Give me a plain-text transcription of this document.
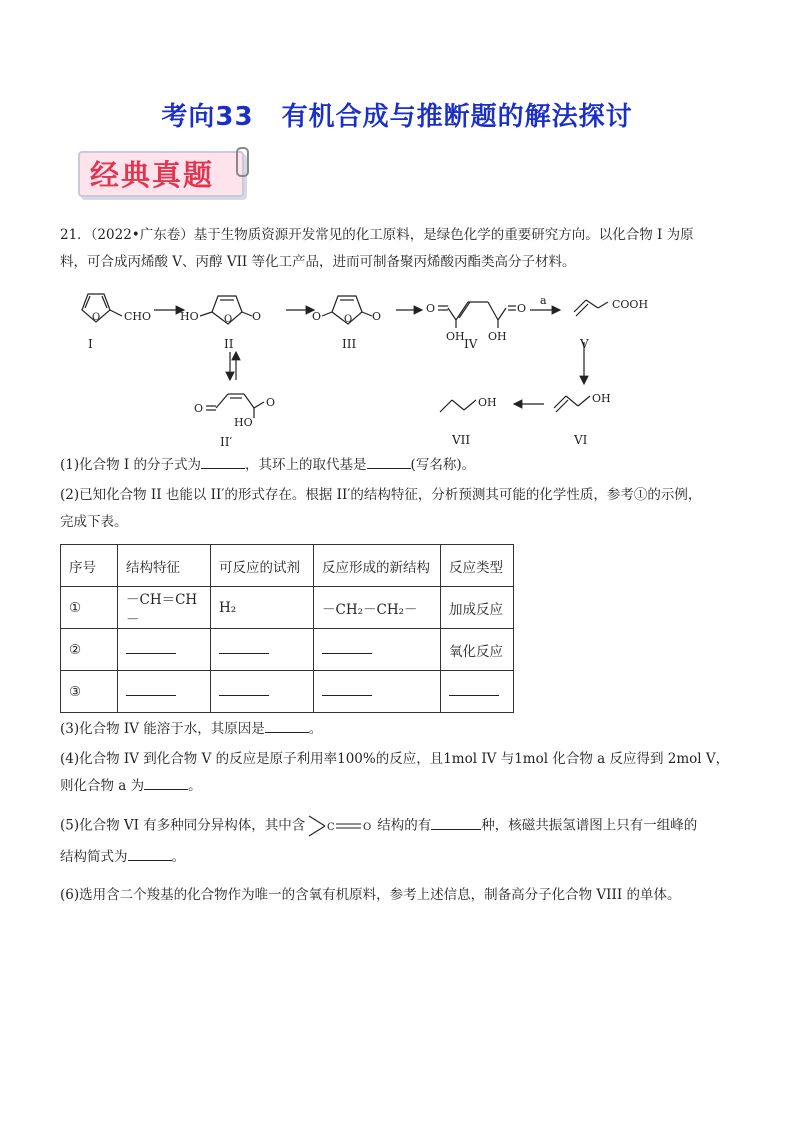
考向33 有机合成与推断题的解法探讨
经典真题
21．（2022•广东卷）基于生物质资源开发常见的化工原料，是绿色化学的重要研究方向。以化合物 I 为原
料，可合成丙烯酸 V、丙醇 VII 等化工产品，进而可制备聚丙烯酸丙酯类高分子材料。
CHO
O	HO	O O	O O O
O	O
OH OH
a	COOH
O	O
HO
OH
OH
I	II	III	IV	V
II′	VII	VI
(1)化合物 I 的分子式为	，其环上的取代基是	(写名称)。
(2)已知化合物 II 也能以 II′的形式存在。根据 II′的结构特征，分析预测其可能的化学性质，参考①的示例，
完成下表。
序号	结构特征	可反应的试剂	反应形成的新结构	反应类型
①	－CH＝CH－	H₂	－CH₂－CH₂－	加成反应
②				氧化反应
③				
(3)化合物 IV 能溶于水，其原因是	。
(4)化合物 IV 到化合物 V 的反应是原子利用率100%的反应，且1mol IV 与1mol 化合物 a 反应得到 2mol V，
则化合物 a 为	。
(5)化合物 VI 有多种同分异构体，其中含 C	O 结构的有	种，核磁共振氢谱图上只有一组峰的
结构简式为	。
(6)选用含二个羧基的化合物作为唯一的含氧有机原料，参考上述信息，制备高分子化合物 VIII 的单体。
